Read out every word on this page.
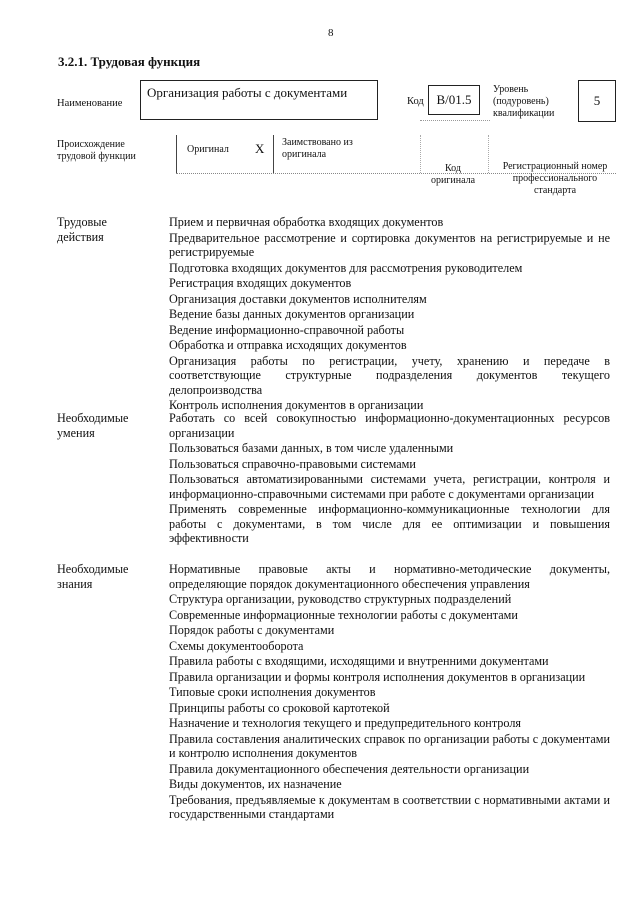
8
3.2.1. Трудовая функция
Наименование
Организация работы с документами
Код В/01.5
Уровень
(подуровень)
квалификации
5
Происхождение
трудовой функции
Оригинал X Заимствовано из
оригинала
Код
оригинала
Регистрационный номер
профессионального
стандарта
Трудовые
действия
Прием и первичная обработка входящих документов
Предварительное рассмотрение и сортировка документов на регистрируемые и не регистрируемые
Подготовка входящих документов для рассмотрения руководителем
Регистрация входящих документов
Организация доставки документов исполнителям
Ведение базы данных документов организации
Ведение информационно-справочной работы
Обработка и отправка исходящих документов
Организация работы по регистрации, учету, хранению и передаче в соответствующие структурные подразделения документов текущего делопроизводства
Контроль исполнения документов в организации
Необходимые
умения
Работать со всей совокупностью информационно-документационных ресурсов организации
Пользоваться базами данных, в том числе удаленными
Пользоваться справочно-правовыми системами
Пользоваться автоматизированными системами учета, регистрации, контроля и информационно-справочными системами при работе с документами организации
Применять современные информационно-коммуникационные технологии для работы с документами, в том числе для ее оптимизации и повышения эффективности
Необходимые
знания
Нормативные правовые акты и нормативно-методические документы, определяющие порядок документационного обеспечения управления
Структура организации, руководство структурных подразделений
Современные информационные технологии работы с документами
Порядок работы с документами
Схемы документооборота
Правила работы с входящими, исходящими и внутренними документами
Правила организации и формы контроля исполнения документов в организации
Типовые сроки исполнения документов
Принципы работы со сроковой картотекой
Назначение и технология текущего и предупредительного контроля
Правила составления аналитических справок по организации работы с документами и контролю исполнения документов
Правила документационного обеспечения деятельности организации
Виды документов, их назначение
Требования, предъявляемые к документам в соответствии с нормативными актами и государственными стандартами
